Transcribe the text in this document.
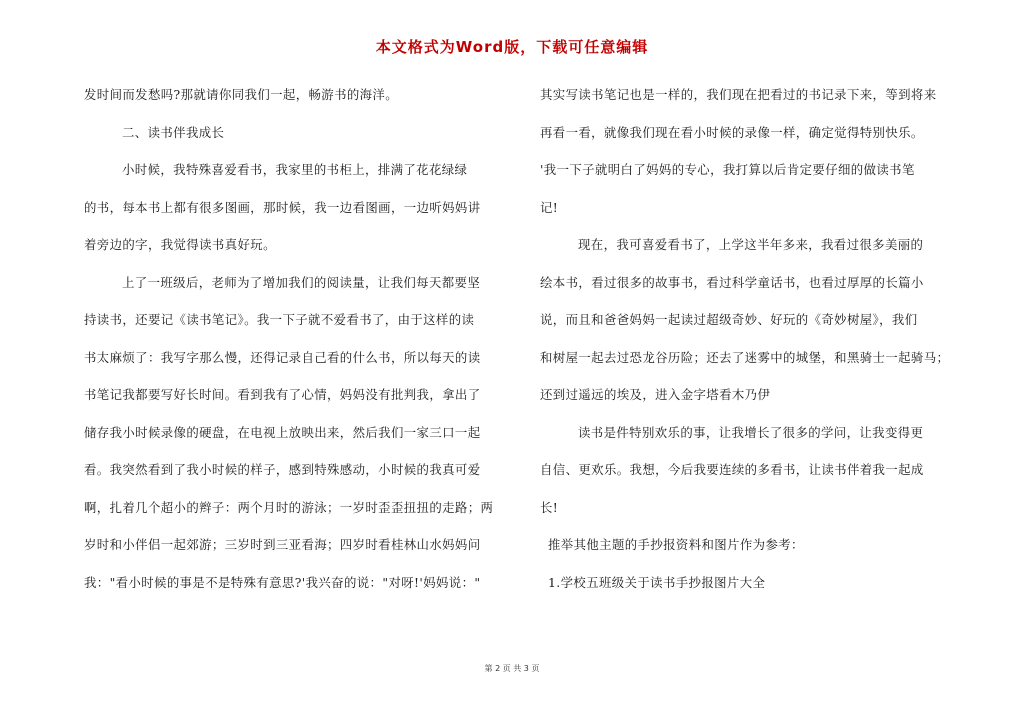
本文格式为Word版，下载可任意编辑
发时间而发愁吗?那就请你同我们一起，畅游书的海洋。
二、读书伴我成长
小时候，我特殊喜爱看书，我家里的书柜上，排满了花花绿绿
的书，每本书上都有很多图画，那时候，我一边看图画，一边听妈妈讲
着旁边的字，我觉得读书真好玩。
上了一班级后，老师为了增加我们的阅读量，让我们每天都要坚
持读书，还要记《读书笔记》。我一下子就不爱看书了，由于这样的读
书太麻烦了：我写字那么慢，还得记录自己看的什么书，所以每天的读
书笔记我都要写好长时间。看到我有了心情，妈妈没有批判我，拿出了
储存我小时候录像的硬盘，在电视上放映出来，然后我们一家三口一起
看。我突然看到了我小时候的样子，感到特殊感动，小时候的我真可爱
啊，扎着几个超小的辫子：两个月时的游泳；一岁时歪歪扭扭的走路；两
岁时和小伴侣一起郊游；三岁时到三亚看海；四岁时看桂林山水妈妈问
我："看小时候的事是不是特殊有意思?'我兴奋的说："对呀!'妈妈说："
其实写读书笔记也是一样的，我们现在把看过的书记录下来，等到将来
再看一看，就像我们现在看小时候的录像一样，确定觉得特别快乐。
'我一下子就明白了妈妈的专心，我打算以后肯定要仔细的做读书笔
记!
现在，我可喜爱看书了，上学这半年多来，我看过很多美丽的
绘本书，看过很多的故事书，看过科学童话书，也看过厚厚的长篇小
说，而且和爸爸妈妈一起读过超级奇妙、好玩的《奇妙树屋》，我们
和树屋一起去过恐龙谷历险；还去了迷雾中的城堡，和黑骑士一起骑马；
还到过遥远的埃及，进入金字塔看木乃伊
读书是件特别欢乐的事，让我增长了很多的学问，让我变得更
自信、更欢乐。我想，今后我要连续的多看书，让读书伴着我一起成
长!
推举其他主题的手抄报资料和图片作为参考：
1.学校五班级关于读书手抄报图片大全
第 2 页 共 3 页
